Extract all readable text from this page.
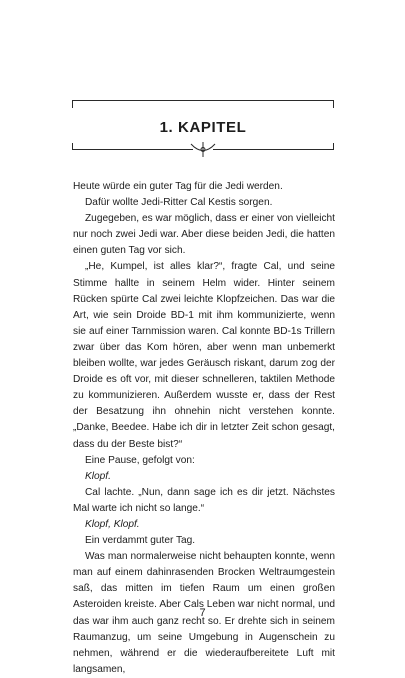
1. KAPITEL

Heute würde ein guter Tag für die Jedi werden.

Dafür wollte Jedi-Ritter Cal Kestis sorgen.

Zugegeben, es war möglich, dass er einer von vielleicht nur noch zwei Jedi war. Aber diese beiden Jedi, die hatten einen guten Tag vor sich.

„He, Kumpel, ist alles klar?“, fragte Cal, und seine Stimme hallte in seinem Helm wider. Hinter seinem Rücken spürte Cal zwei leichte Klopfzeichen. Das war die Art, wie sein Droide BD-1 mit ihm kommunizierte, wenn sie auf einer Tarnmission waren. Cal konnte BD-1s Trillern zwar über das Kom hören, aber wenn man unbemerkt bleiben wollte, war jedes Geräusch riskant, darum zog der Droide es oft vor, mit dieser schnelleren, taktilen Methode zu kommunizieren. Außerdem wusste er, dass der Rest der Besatzung ihn ohnehin nicht verstehen konnte. „Danke, Beedee. Habe ich dir in letzter Zeit schon gesagt, dass du der Beste bist?“

Eine Pause, gefolgt von:

Klopf.

Cal lachte. „Nun, dann sage ich es dir jetzt. Nächstes Mal warte ich nicht so lange.“

Klopf, Klopf.

Ein verdammt guter Tag.

Was man normalerweise nicht behaupten konnte, wenn man auf einem dahinrasenden Brocken Weltraumgestein saß, das mitten im tiefen Raum um einen großen Asteroiden kreiste. Aber Cals Leben war nicht normal, und das war ihm auch ganz recht so. Er drehte sich in seinem Raumanzug, um seine Umgebung in Augenschein zu nehmen, während er die wiederaufbereitete Luft mit langsamen,

7
